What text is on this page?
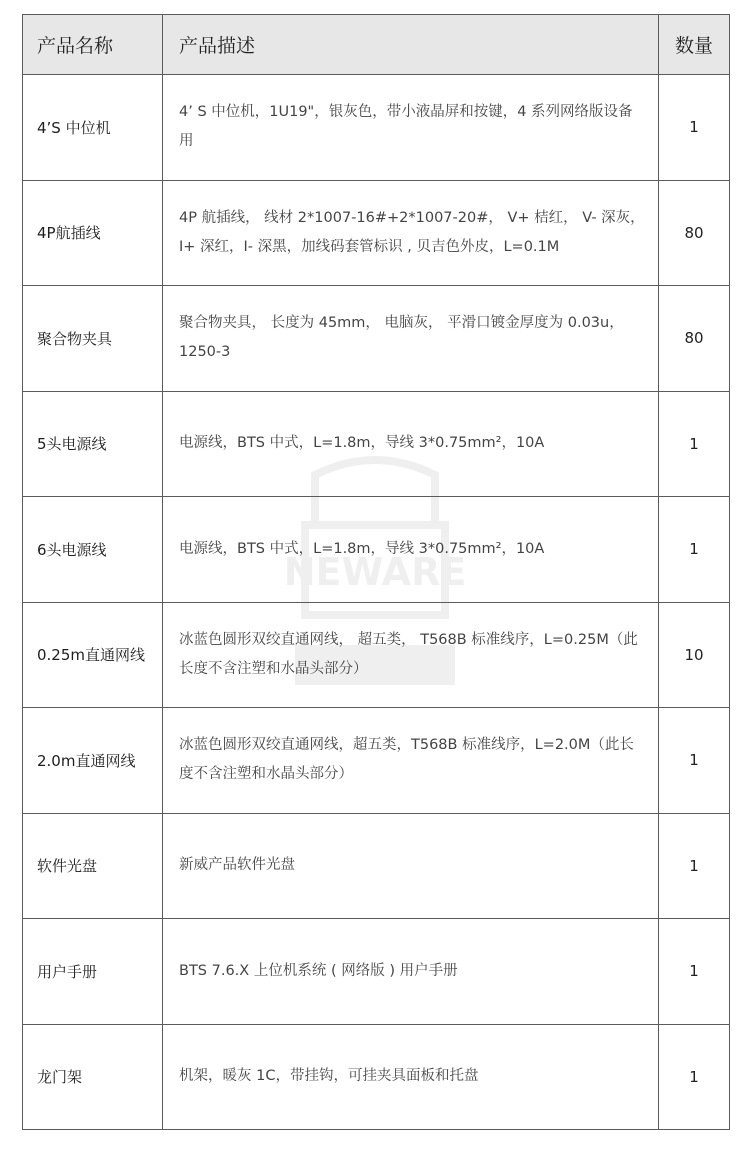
NEWARE
产品名称	产品描述	数量
4’S 中位机	4’ S 中位机，1U19"，银灰色，带小液晶屏和按键，4 系列网络版设备用	1
4P航插线	4P 航插线， 线材 2*1007-16#+2*1007-20#， V+ 桔红， V- 深灰，I+ 深红，I- 深黑，加线码套管标识 , 贝吉色外皮，L=0.1M	80
聚合物夹具	聚合物夹具， 长度为 45mm， 电脑灰， 平滑口镀金厚度为 0.03u，1250-3	80
5头电源线	电源线，BTS 中式，L=1.8m，导线 3*0.75mm²，10A	1
6头电源线	电源线，BTS 中式，L=1.8m，导线 3*0.75mm²，10A	1
0.25m直通网线	冰蓝色圆形双绞直通网线， 超五类， T568B 标准线序，L=0.25M（此长度不含注塑和水晶头部分）	10
2.0m直通网线	冰蓝色圆形双绞直通网线，超五类，T568B 标准线序，L=2.0M（此长度不含注塑和水晶头部分）	1
软件光盘	新威产品软件光盘	1
用户手册	BTS 7.6.X 上位机系统 ( 网络版 ) 用户手册	1
龙门架	机架，暖灰 1C，带挂钩，可挂夹具面板和托盘	1
